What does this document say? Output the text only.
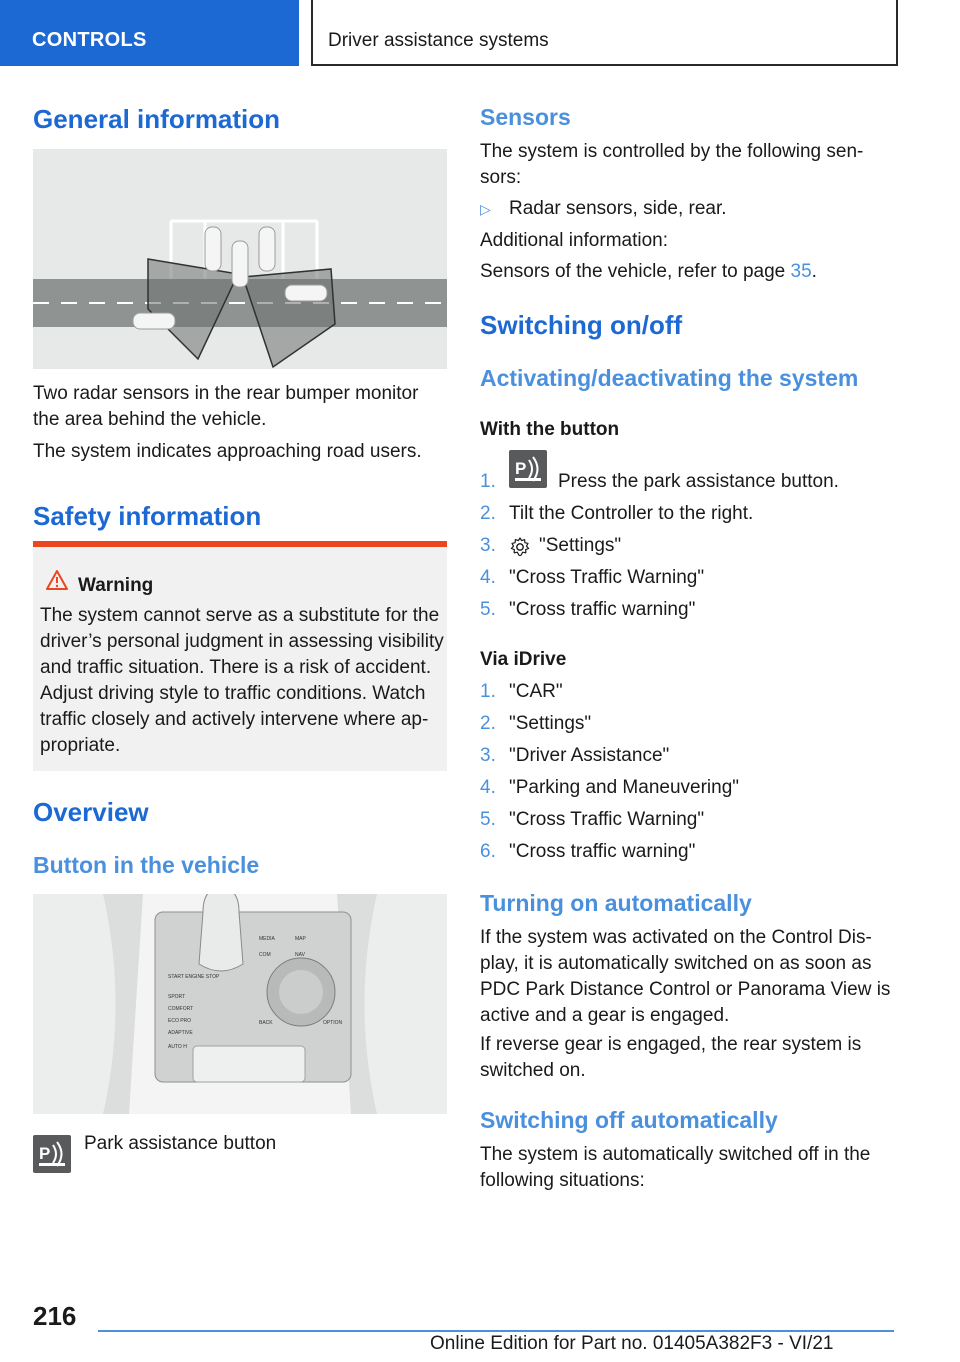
CONTROLS	Driver assistance systems
General information
Two radar sensors in the rear bumper monitor the area behind the vehicle.
The system indicates approaching road users.
Safety information
Warning
The system cannot serve as a substitute for the driver’s personal judgment in assessing visibility and traffic situation. There is a risk of accident. Adjust driving style to traffic conditions. Watch traffic closely and actively intervene where ap‐ propriate.
Overview
Button in the vehicle
START ENGINE STOP
SPORT
COMFORT
ECO PRO
ADAPTIVE
AUTO H
MEDIA
COM	NAV
MAP
BACK	OPTION
P Park assistance button
Sensors
The system is controlled by the following sen‐ sors:
▷ Radar sensors, side, rear.
Additional information:
Sensors of the vehicle, refer to page 35.
Switching on/off
Activating/deactivating the system
With the button
1.
P
Press the park assistance button.
2. Tilt the Controller to the right.
3. "Settings"
4. "Cross Traffic Warning"
5. "Cross traffic warning"
Via iDrive
1. "CAR"
2. "Settings"
3. "Driver Assistance"
4. "Parking and Maneuvering"
5. "Cross Traffic Warning"
6. "Cross traffic warning"
Turning on automatically
If the system was activated on the Control Dis‐ play, it is automatically switched on as soon as PDC Park Distance Control or Panorama View is active and a gear is engaged.
If reverse gear is engaged, the rear system is switched on.
Switching off automatically
The system is automatically switched off in the following situations:
216
Online Edition for Part no. 01405A382F3 - VI/21
